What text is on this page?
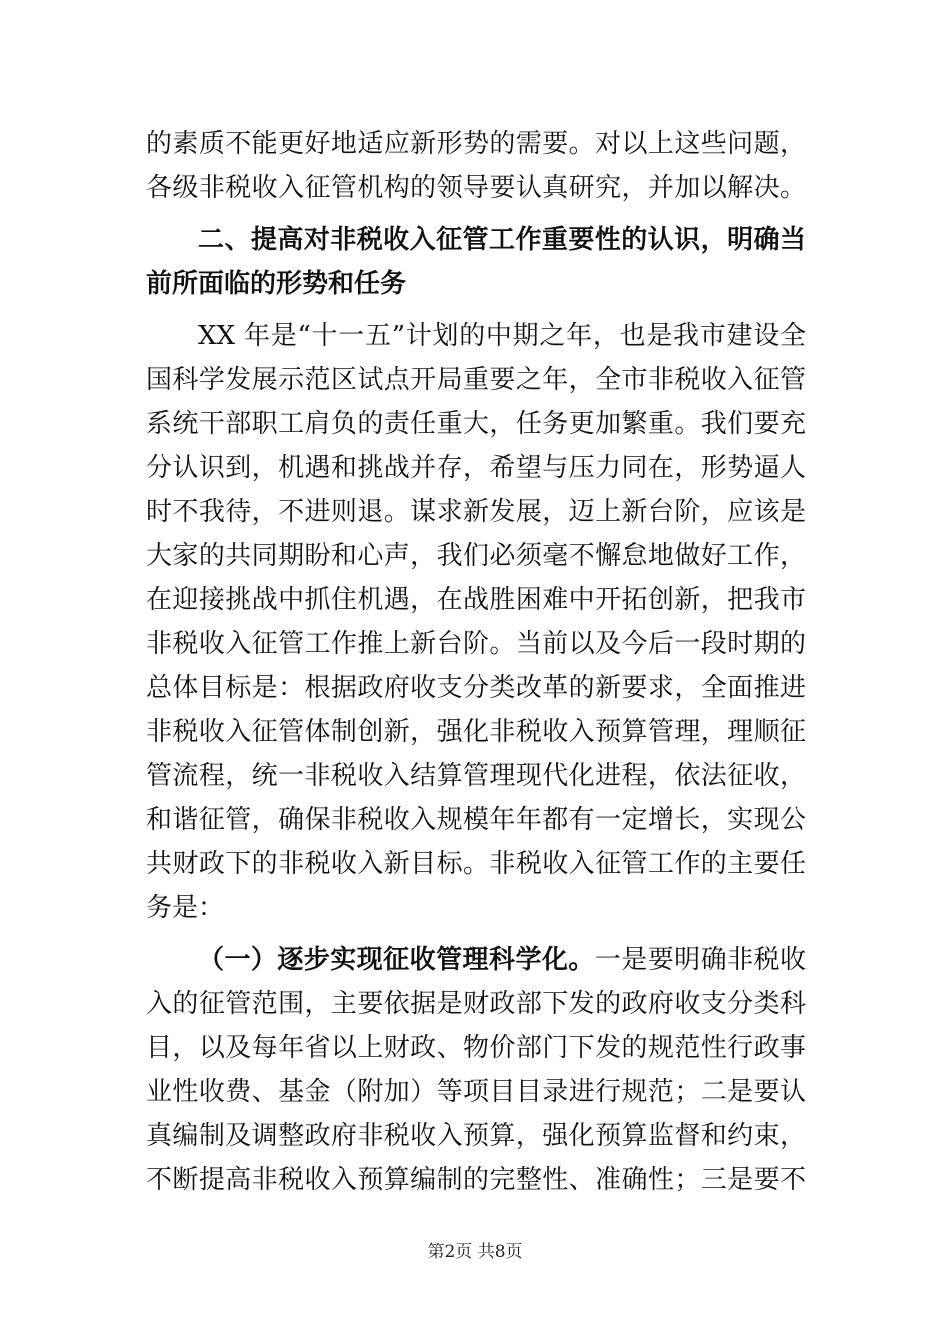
的素质不能更好地适应新形势的需要。对以上这些问题，
各级非税收入征管机构的领导要认真研究，并加以解决。
二、提高对非税收入征管工作重要性的认识，明确当
前所面临的形势和任务
XX 年是“十一五”计划的中期之年，也是我市建设全
国科学发展示范区试点开局重要之年，全市非税收入征管
系统干部职工肩负的责任重大，任务更加繁重。我们要充
分认识到，机遇和挑战并存，希望与压力同在，形势逼人
时不我待，不进则退。谋求新发展，迈上新台阶，应该是
大家的共同期盼和心声，我们必须毫不懈怠地做好工作，
在迎接挑战中抓住机遇，在战胜困难中开拓创新，把我市
非税收入征管工作推上新台阶。当前以及今后一段时期的
总体目标是：根据政府收支分类改革的新要求，全面推进
非税收入征管体制创新，强化非税收入预算管理，理顺征
管流程，统一非税收入结算管理现代化进程，依法征收，
和谐征管，确保非税收入规模年年都有一定增长，实现公
共财政下的非税收入新目标。非税收入征管工作的主要任
务是：
（一）逐步实现征收管理科学化。一是要明确非税收
入的征管范围，主要依据是财政部下发的政府收支分类科
目，以及每年省以上财政、物价部门下发的规范性行政事
业性收费、基金（附加）等项目目录进行规范；二是要认
真编制及调整政府非税收入预算，强化预算监督和约束，
不断提高非税收入预算编制的完整性、准确性；三是要不
第2页 共8页
